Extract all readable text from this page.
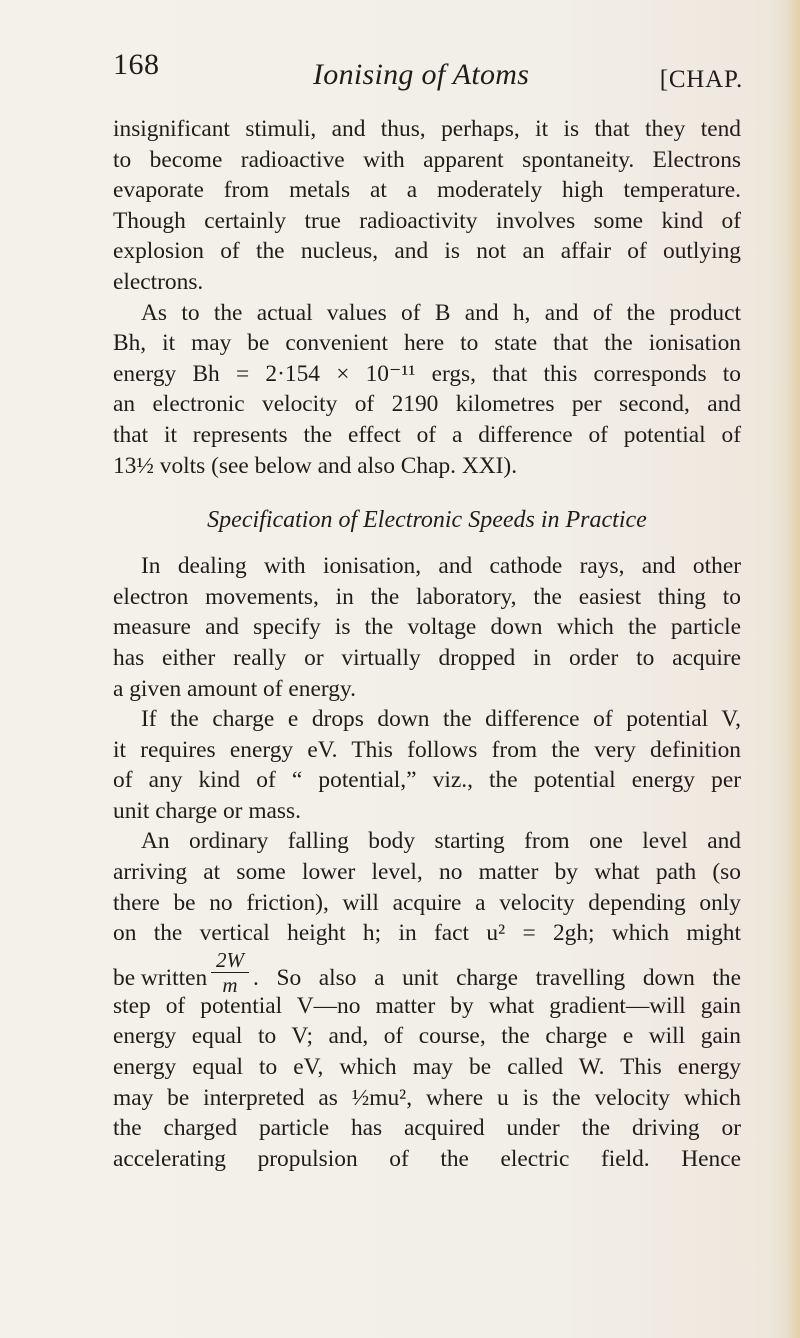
168	Ionising of Atoms	[CHAP.
insignificant stimuli, and thus, perhaps, it is that they tend
to become radioactive with apparent spontaneity. Electrons
evaporate from metals at a moderately high temperature.
Though certainly true radioactivity involves some kind of
explosion of the nucleus, and is not an affair of outlying
electrons.
As to the actual values of B and h, and of the product
Bh, it may be convenient here to state that the ionisation
energy Bh = 2·154 × 10⁻¹¹ ergs, that this corresponds to
an electronic velocity of 2190 kilometres per second, and
that it represents the effect of a difference of potential of
13½ volts (see below and also Chap. XXI).
Specification of Electronic Speeds in Practice
In dealing with ionisation, and cathode rays, and other
electron movements, in the laboratory, the easiest thing to
measure and specify is the voltage down which the particle
has either really or virtually dropped in order to acquire
a given amount of energy.
If the charge e drops down the difference of potential V,
it requires energy eV. This follows from the very definition
of any kind of “ potential,” viz., the potential energy per
unit charge or mass.
An ordinary falling body starting from one level and
arriving at some lower level, no matter by what path (so
there be no friction), will acquire a velocity depending only
on the vertical height h; in fact u² = 2gh; which might
be written
2W
m . So also a unit charge travelling down the
step of potential V—no matter by what gradient—will gain
energy equal to V; and, of course, the charge e will gain
energy equal to eV, which may be called W. This energy
may be interpreted as ½mu², where u is the velocity which
the charged particle has acquired under the driving or
accelerating propulsion of the electric field. Hence
